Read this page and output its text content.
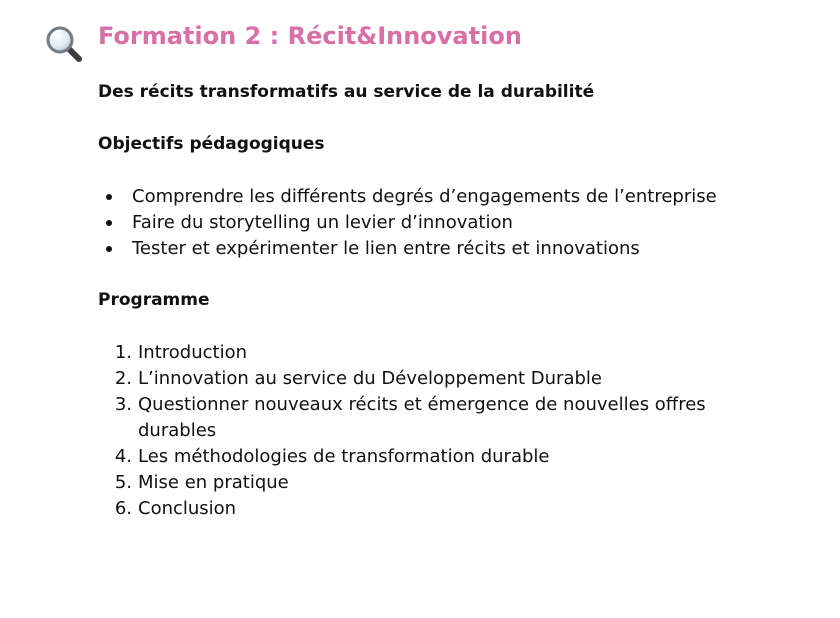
Formation 2 : Récit&Innovation

Des récits transformatifs au service de la durabilité

Objectifs pédagogiques
Comprendre les différents degrés d’engagements de l’entreprise
Faire du storytelling un levier d’innovation
Tester et expérimenter le lien entre récits et innovations
Programme
1. Introduction
2. L’innovation au service du Développement Durable
3. Questionner nouveaux récits et émergence de nouvelles offres durables
4. Les méthodologies de transformation durable
5. Mise en pratique
6. Conclusion
